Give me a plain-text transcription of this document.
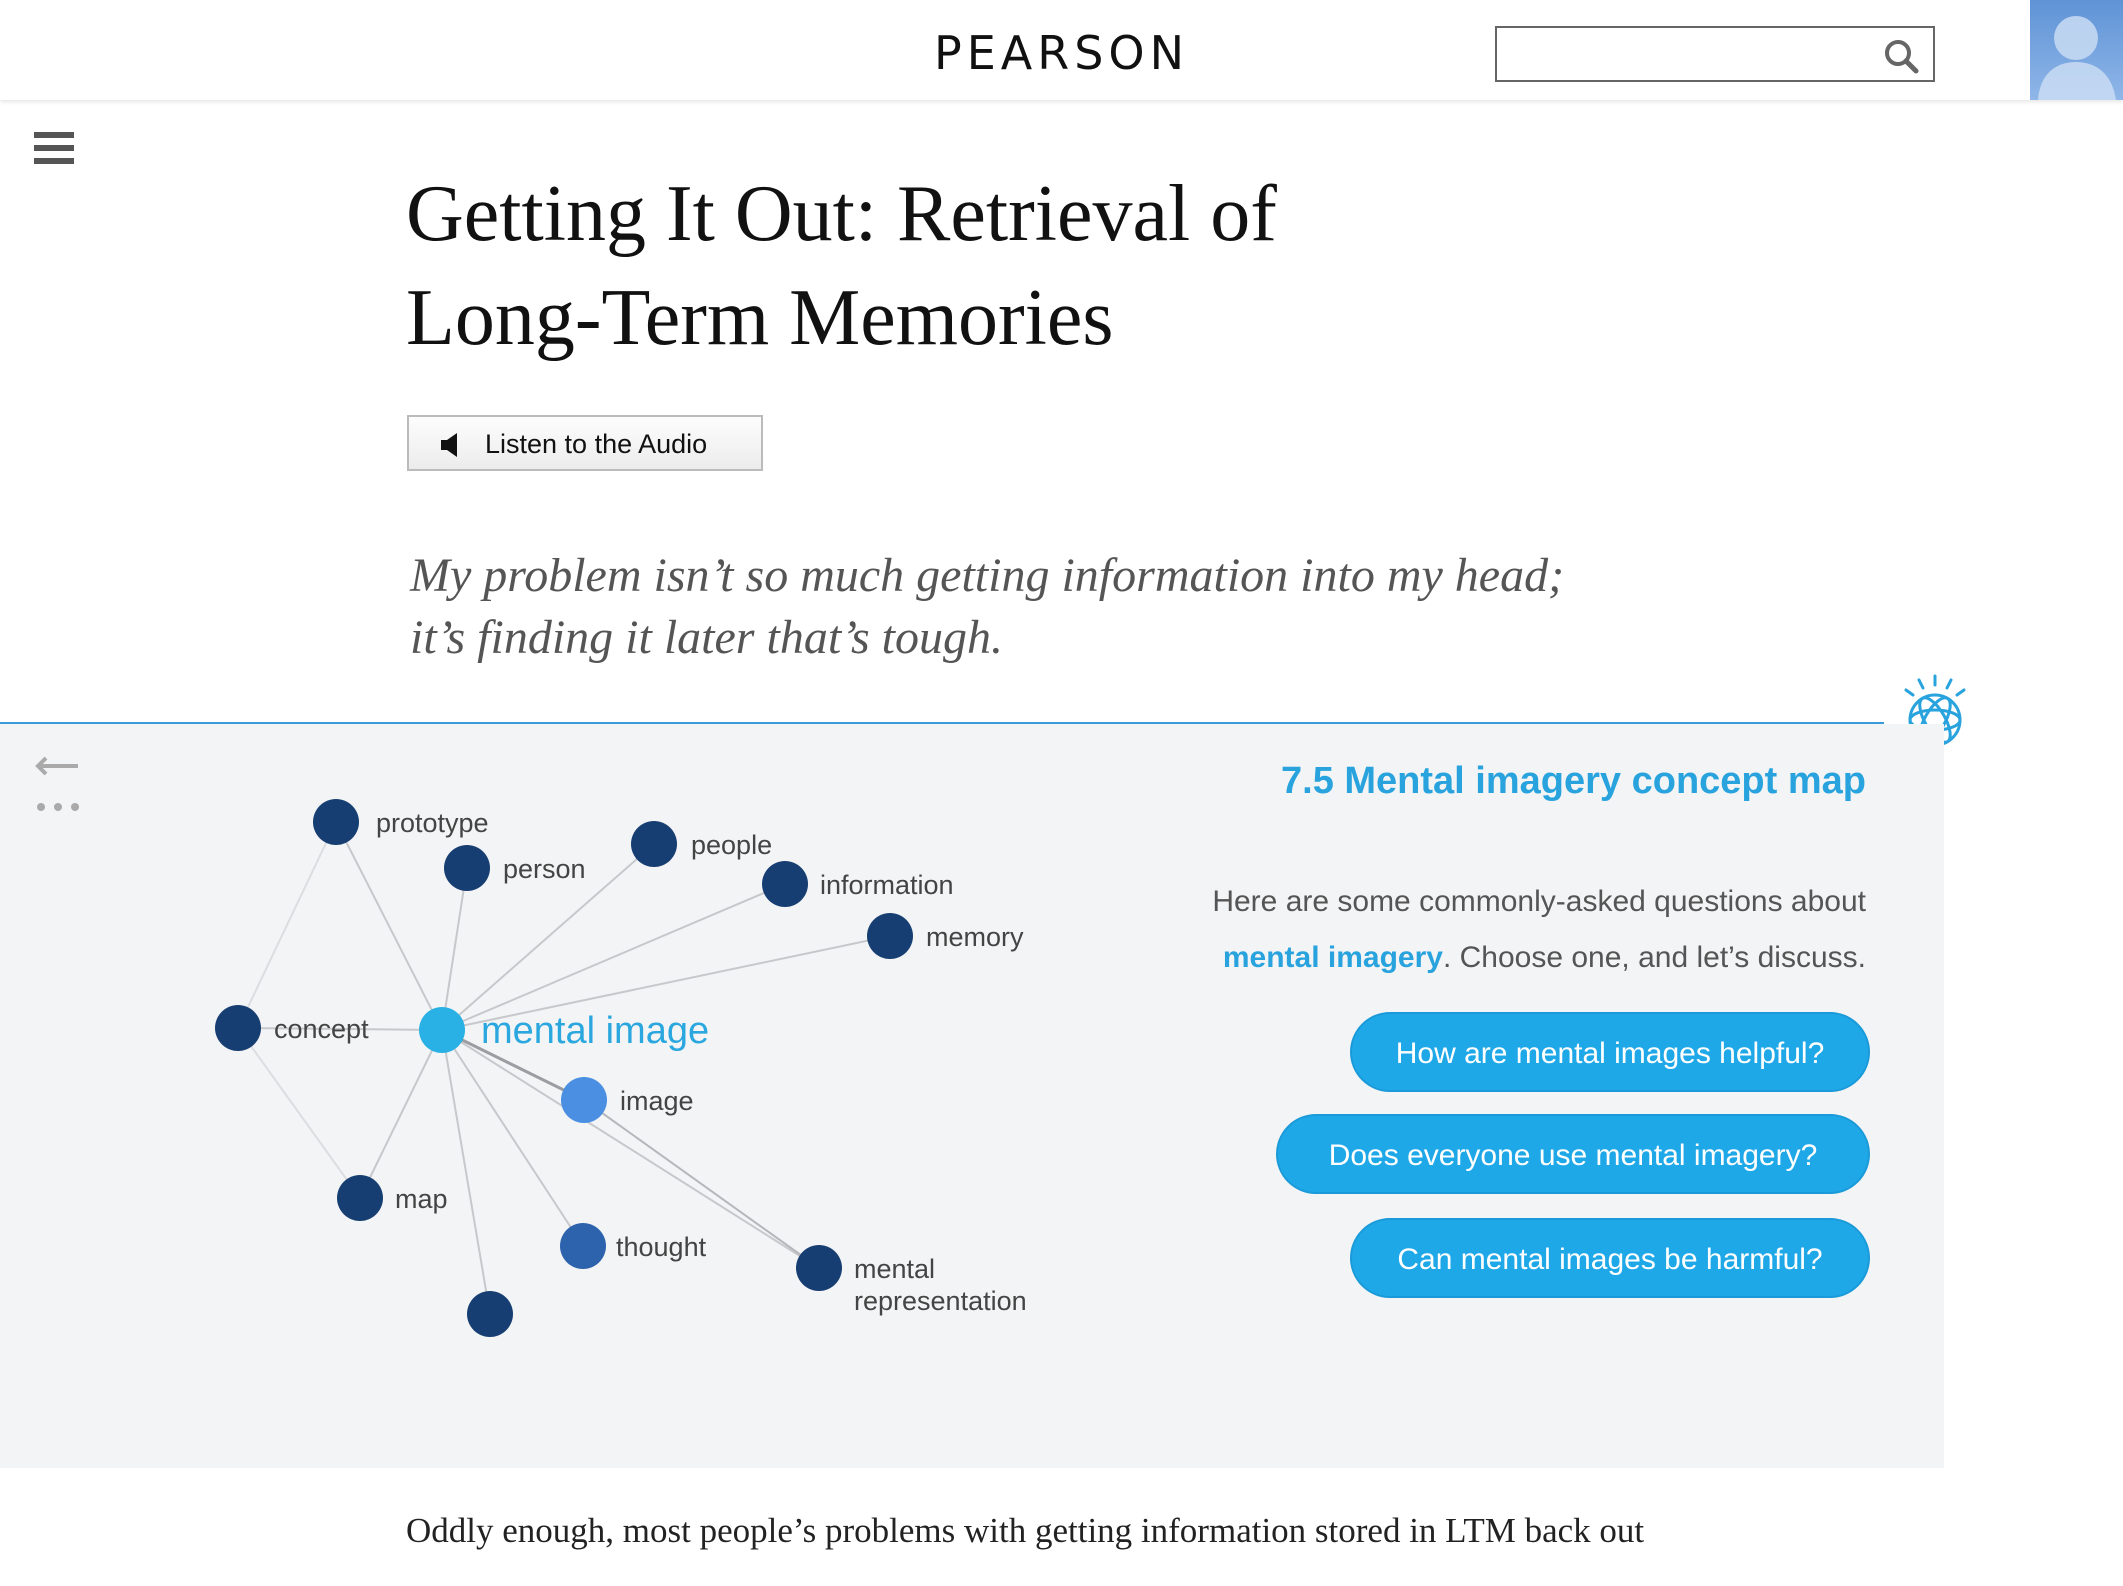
PEARSON
Getting It Out: Retrieval of
Long-Term Memories
Listen to the Audio
My problem isn’t so much getting information into my head;
it’s finding it later that’s tough.
prototype
person
people
information
memory
concept
image
map
thought
mental
representation
mental image
7.5 Mental imagery concept map
Here are some commonly-asked questions about
mental imagery. Choose one, and let’s discuss.
How are mental images helpful?
Does everyone use mental imagery?
Can mental images be harmful?

Oddly enough, most people’s problems with getting information stored in LTM back out
